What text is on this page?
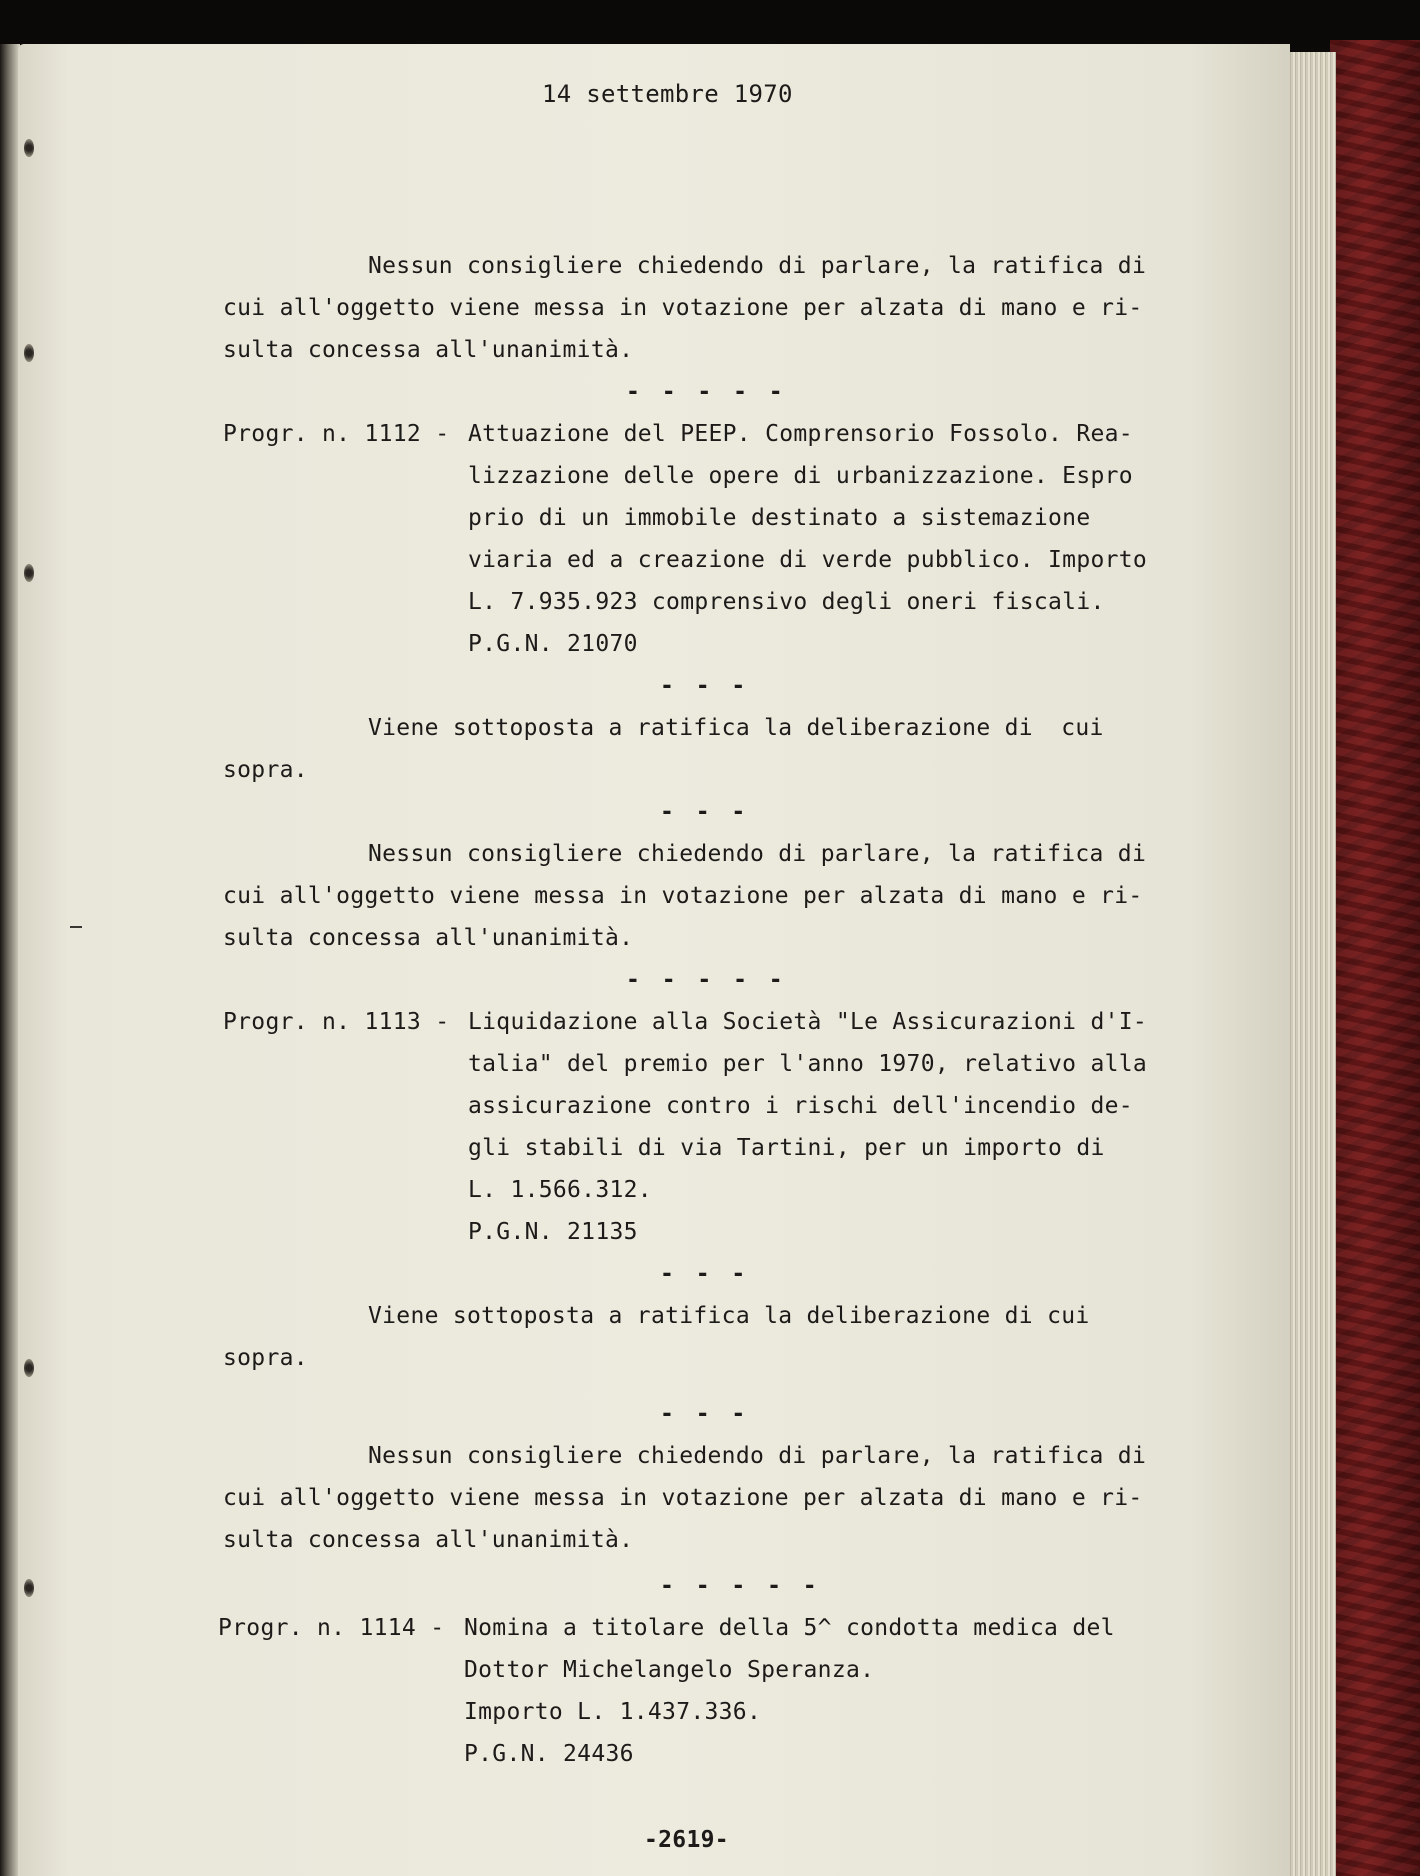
14 settembre 1970

Nessun consigliere chiedendo di parlare, la ratifica di

cui all'oggetto viene messa in votazione per alzata di mano e ri-

sulta concessa all'unanimità.

- - - - -

Progr. n. 1112 - Attuazione del PEEP. Comprensorio Fossolo. Rea-

lizzazione delle opere di urbanizzazione. Espro

prio di un immobile destinato a sistemazione

viaria ed a creazione di verde pubblico. Importo

L. 7.935.923 comprensivo degli oneri fiscali.

P.G.N. 21070

- - -

Viene sottoposta a ratifica la deliberazione di  cui

sopra.

- - -

Nessun consigliere chiedendo di parlare, la ratifica di

cui all'oggetto viene messa in votazione per alzata di mano e ri-

sulta concessa all'unanimità.

- - - - -

Progr. n. 1113 - Liquidazione alla Società "Le Assicurazioni d'I-

talia" del premio per l'anno 1970, relativo alla

assicurazione contro i rischi dell'incendio de-

gli stabili di via Tartini, per un importo di

L. 1.566.312.

P.G.N. 21135

- - -

Viene sottoposta a ratifica la deliberazione di cui

sopra.

- - -

Nessun consigliere chiedendo di parlare, la ratifica di

cui all'oggetto viene messa in votazione per alzata di mano e ri-

sulta concessa all'unanimità.

- - - - -

Progr. n. 1114 - Nomina a titolare della 5^ condotta medica del

Dottor Michelangelo Speranza.

Importo L. 1.437.336.

P.G.N. 24436

-2619-
